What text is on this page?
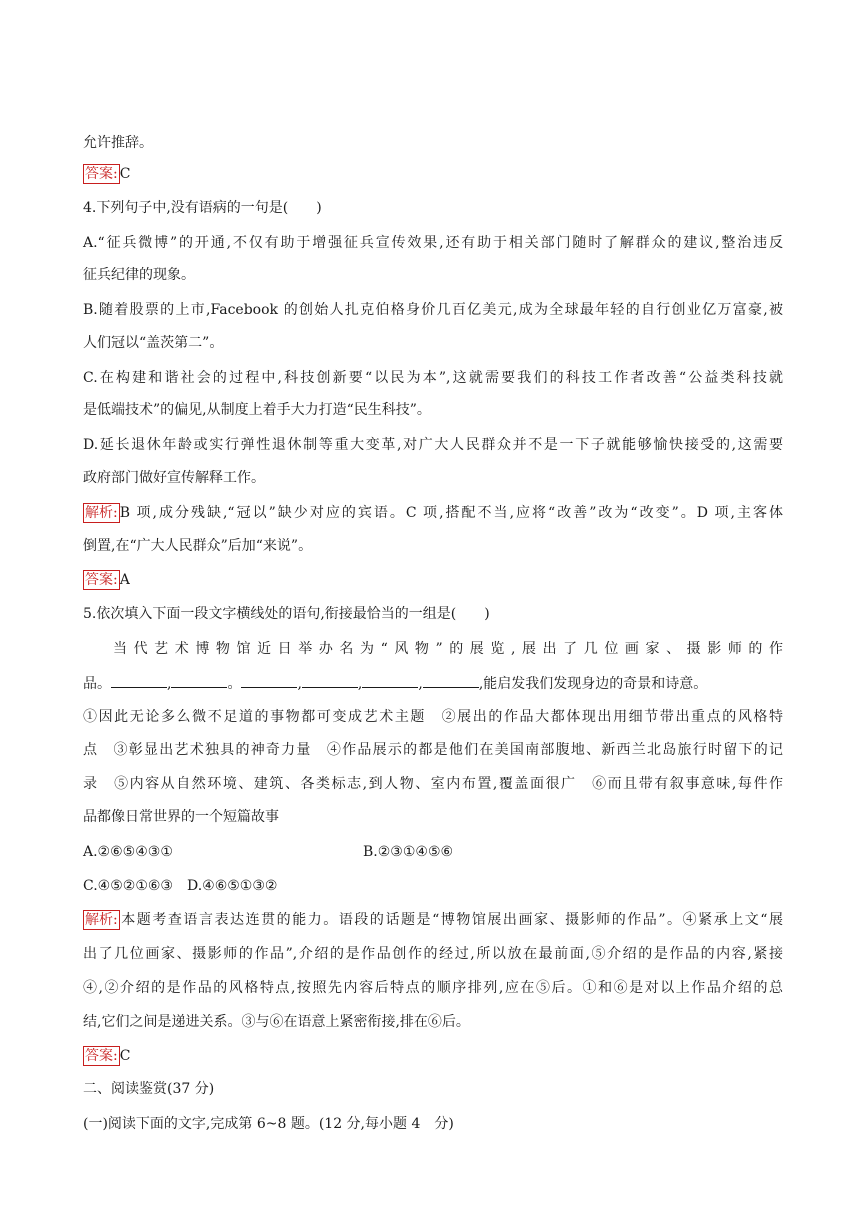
允许推辞。
答案: C
4.下列句子中,没有语病的一句是(　　)
A.“征兵微博”的开通,不仅有助于增强征兵宣传效果,还有助于相关部门随时了解群众的建议,整治违反
征兵纪律的现象。
B.随着股票的上市,Facebook 的创始人扎克伯格身价几百亿美元,成为全球最年轻的自行创业亿万富豪,被
人们冠以“盖茨第二”。
C.在构建和谐社会的过程中,科技创新要“以民为本”,这就需要我们的科技工作者改善“公益类科技就
是低端技术”的偏见,从制度上着手大力打造“民生科技”。
D.延长退休年龄或实行弹性退休制等重大变革,对广大人民群众并不是一下子就能够愉快接受的,这需要
政府部门做好宣传解释工作。
解析: B 项,成分残缺,“冠以”缺少对应的宾语。C 项,搭配不当,应将“改善”改为“改变”。D 项,主客体
倒置,在“广大人民群众”后加“来说”。
答案: A
5.依次填入下面一段文字横线处的语句,衔接最恰当的一组是(　　)
当代艺术博物馆近日举办名为“风物”的展览,展出了几位画家、摄影师的作
品。	,	。	,	,	,	,能启发我们发现身边的奇景和诗意。
①因此无论多么微不足道的事物都可变成艺术主题　②展出的作品大都体现出用细节带出重点的风格特
点　③彰显出艺术独具的神奇力量　④作品展示的都是他们在美国南部腹地、新西兰北岛旅行时留下的记
录　⑤内容从自然环境、建筑、各类标志,到人物、室内布置,覆盖面很广　⑥而且带有叙事意味,每件作
品都像日常世界的一个短篇故事
A.②⑥⑤④③①	B.②③①④⑤⑥
C.④⑤②①⑥③　D.④⑥⑤①③②
解析: 本题考查语言表达连贯的能力。语段的话题是“博物馆展出画家、摄影师的作品”。④紧承上文“展
出了几位画家、摄影师的作品”,介绍的是作品创作的经过,所以放在最前面,⑤介绍的是作品的内容,紧接
④,②介绍的是作品的风格特点,按照先内容后特点的顺序排列,应在⑤后。①和⑥是对以上作品介绍的总
结,它们之间是递进关系。③与⑥在语意上紧密衔接,排在⑥后。
答案: C
二、阅读鉴赏(37 分)
(一)阅读下面的文字,完成第 6~8 题。(12 分,每小题 4　分)
